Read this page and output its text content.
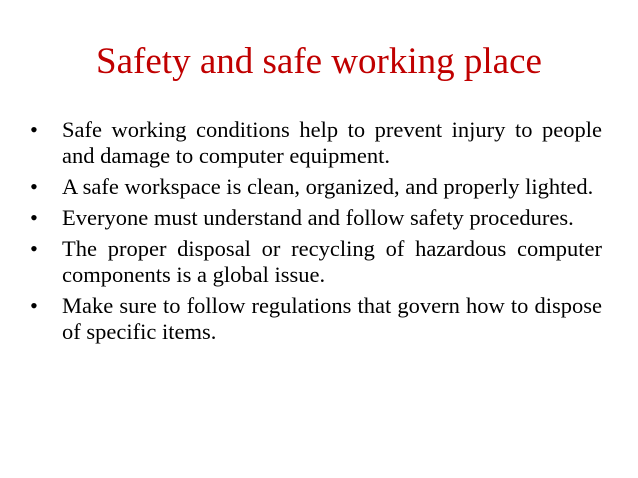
Safety and safe working place
•	Safe working conditions help to prevent injury to people and damage to computer equipment.
•	A safe workspace is clean, organized, and properly lighted.
•	Everyone must understand and follow safety procedures.
•	The proper disposal or recycling of hazardous computer components is a global issue.
•	Make sure to follow regulations that govern how to dispose of specific items.
